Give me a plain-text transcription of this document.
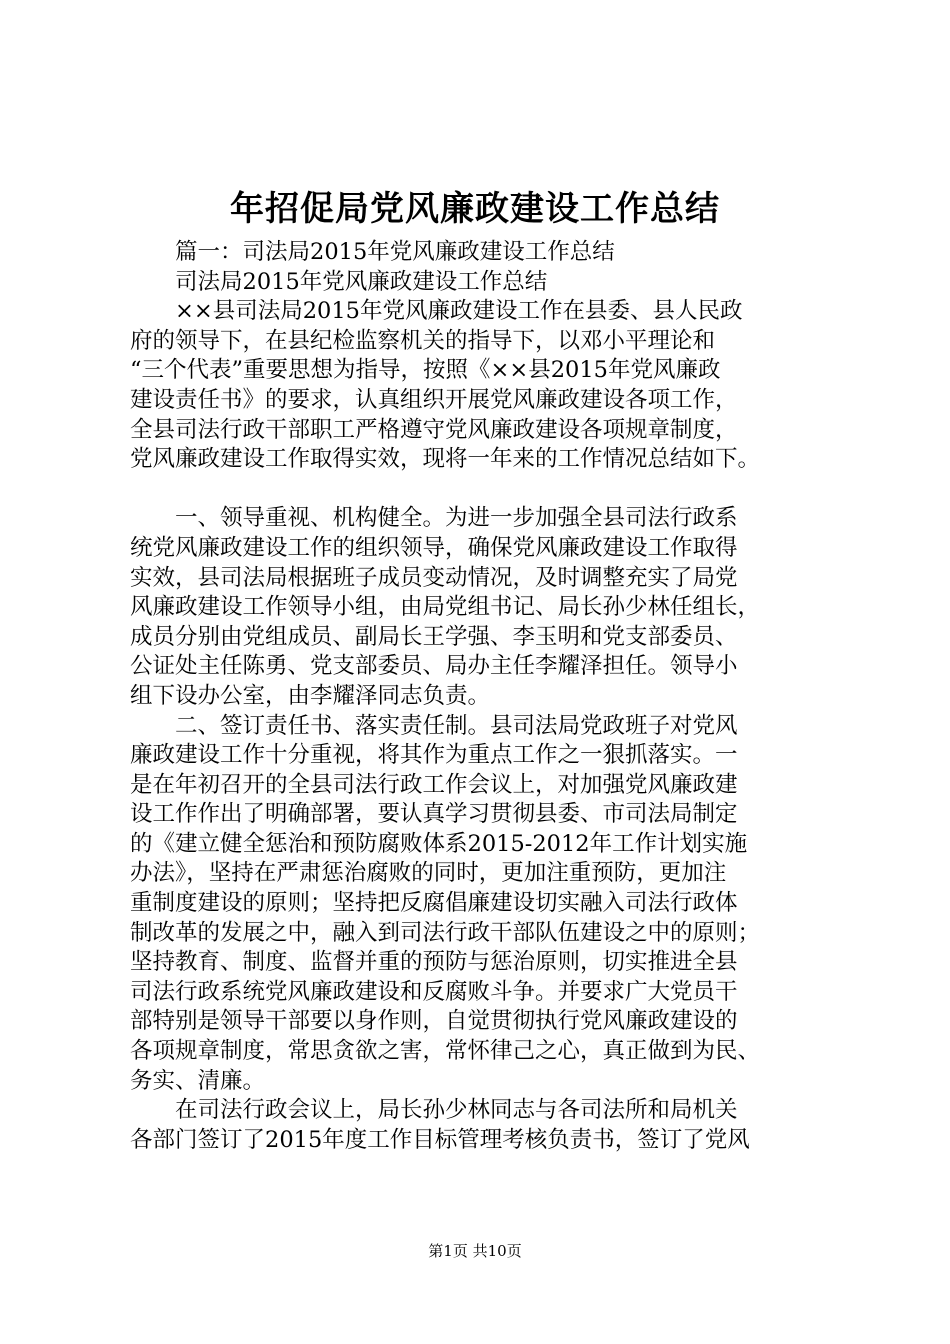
年招促局党风廉政建设工作总结
篇一：司法局2015年党风廉政建设工作总结
司法局2015年党风廉政建设工作总结
××县司法局2015年党风廉政建设工作在县委、县人民政
府的领导下，在县纪检监察机关的指导下，以邓小平理论和
“三个代表”重要思想为指导，按照《××县2015年党风廉政
建设责任书》的要求，认真组织开展党风廉政建设各项工作，
全县司法行政干部职工严格遵守党风廉政建设各项规章制度，
党风廉政建设工作取得实效，现将一年来的工作情况总结如下。
一、领导重视、机构健全。为进一步加强全县司法行政系
统党风廉政建设工作的组织领导，确保党风廉政建设工作取得
实效，县司法局根据班子成员变动情况，及时调整充实了局党
风廉政建设工作领导小组，由局党组书记、局长孙少林任组长，
成员分别由党组成员、副局长王学强、李玉明和党支部委员、
公证处主任陈勇、党支部委员、局办主任李耀泽担任。领导小
组下设办公室，由李耀泽同志负责。
二、签订责任书、落实责任制。县司法局党政班子对党风
廉政建设工作十分重视，将其作为重点工作之一狠抓落实。一
是在年初召开的全县司法行政工作会议上，对加强党风廉政建
设工作作出了明确部署，要认真学习贯彻县委、市司法局制定
的《建立健全惩治和预防腐败体系2015-2012年工作计划实施
办法》，坚持在严肃惩治腐败的同时，更加注重预防，更加注
重制度建设的原则；坚持把反腐倡廉建设切实融入司法行政体
制改革的发展之中，融入到司法行政干部队伍建设之中的原则；
坚持教育、制度、监督并重的预防与惩治原则，切实推进全县
司法行政系统党风廉政建设和反腐败斗争。并要求广大党员干
部特别是领导干部要以身作则，自觉贯彻执行党风廉政建设的
各项规章制度，常思贪欲之害，常怀律己之心，真正做到为民、
务实、清廉。
在司法行政会议上，局长孙少林同志与各司法所和局机关
各部门签订了2015年度工作目标管理考核负责书，签订了党风
第1页 共10页
